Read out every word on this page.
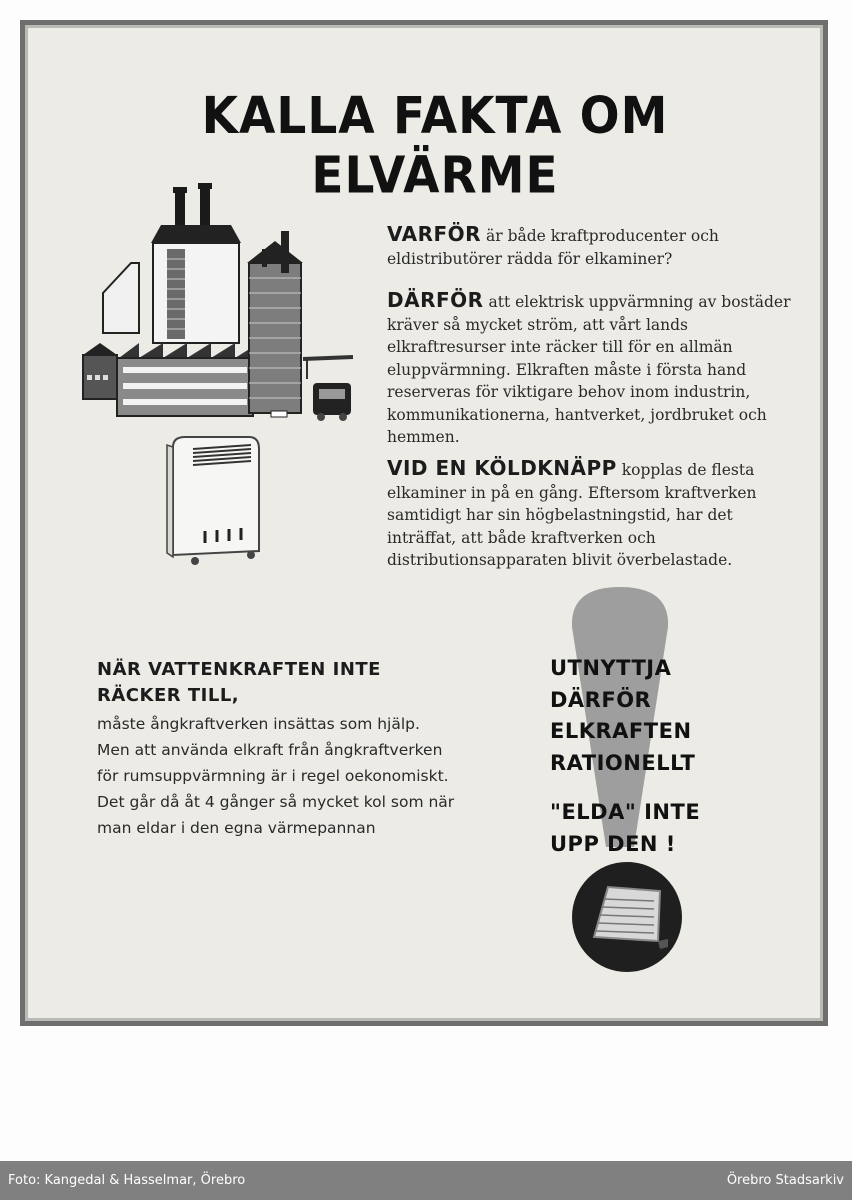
KALLA FAKTA OM ELVÄRME
VARFÖR är både kraftproducenter och eldistributörer rädda för elkaminer?
DÄRFÖR att elektrisk uppvärmning av bostäder kräver så mycket ström, att vårt lands elkraftresurser inte räcker till för en allmän eluppvärmning. Elkraften måste i första hand reserveras för viktigare behov inom industrin, kommunikationerna, hantverket, jordbruket och hemmen.
VID EN KÖLDKNÄPP kopplas de flesta elkaminer in på en gång. Eftersom kraftverken samtidigt har sin högbelastningstid, har det inträffat, att både kraftverken och distributionsapparaten blivit överbelastade.
NÄR VATTENKRAFTEN INTE RÄCKER TILL,
måste ångkraftverken insättas som hjälp. Men att använda elkraft från ångkraftverken för rumsuppvärmning är i regel oekonomiskt. Det går då åt 4 gånger så mycket kol som när man eldar i den egna värmepannan
UTNYTTJA
DÄRFÖR
ELKRAFTEN
RATIONELLT
"ELDA" INTE
UPP DEN !
Foto: Kangedal & Hasselmar, Örebro	Örebro Stadsarkiv
